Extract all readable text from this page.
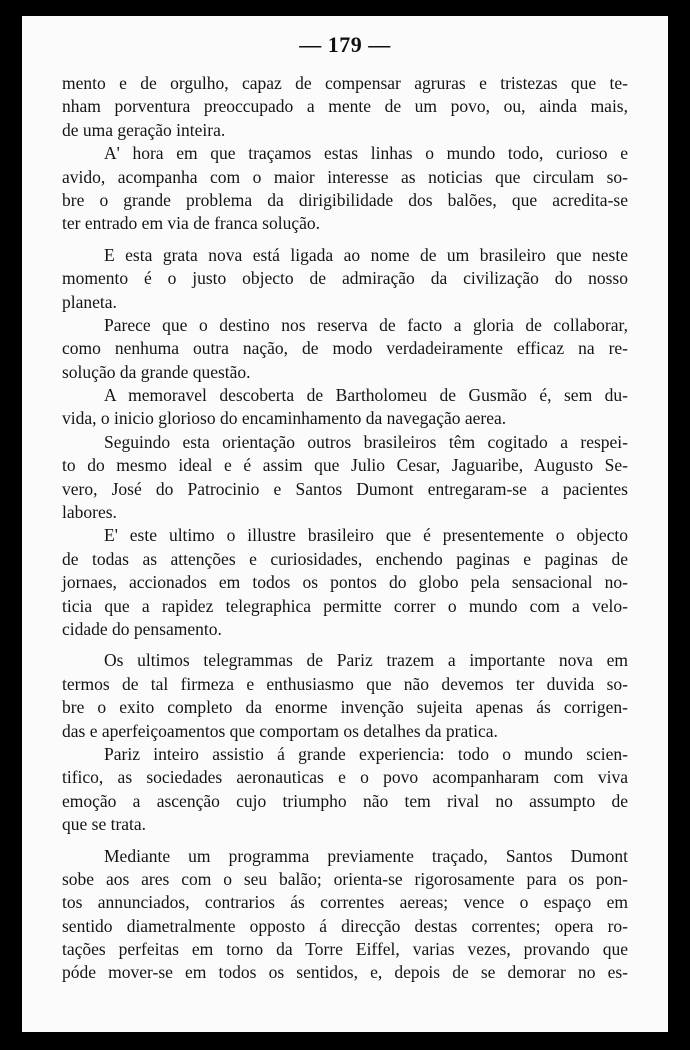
— 179 —
mento e de orgulho, capaz de compensar agruras e tristezas que te-
nham porventura preoccupado a mente de um povo, ou, ainda mais,
de uma geração inteira.
A' hora em que traçamos estas linhas o mundo todo, curioso e
avido, acompanha com o maior interesse as noticias que circulam so-
bre o grande problema da dirigibilidade dos balões, que acredita-se
ter entrado em via de franca solução.
E esta grata nova está ligada ao nome de um brasileiro que neste
momento é o justo objecto de admiração da civilização do nosso
planeta.
Parece que o destino nos reserva de facto a gloria de collaborar,
como nenhuma outra nação, de modo verdadeiramente efficaz na re-
solução da grande questão.
A memoravel descoberta de Bartholomeu de Gusmão é, sem du-
vida, o inicio glorioso do encaminhamento da navegação aerea.
Seguindo esta orientação outros brasileiros têm cogitado a respei-
to do mesmo ideal e é assim que Julio Cesar, Jaguaribe, Augusto Se-
vero, José do Patrocinio e Santos Dumont entregaram-se a pacientes
labores.
E' este ultimo o illustre brasileiro que é presentemente o objecto
de todas as attenções e curiosidades, enchendo paginas e paginas de
jornaes, accionados em todos os pontos do globo pela sensacional no-
ticia que a rapidez telegraphica permitte correr o mundo com a velo-
cidade do pensamento.
Os ultimos telegrammas de Pariz trazem a importante nova em
termos de tal firmeza e enthusiasmo que não devemos ter duvida so-
bre o exito completo da enorme invenção sujeita apenas ás corrigen-
das e aperfeiçoamentos que comportam os detalhes da pratica.
Pariz inteiro assistio á grande experiencia: todo o mundo scien-
tifico, as sociedades aeronauticas e o povo acompanharam com viva
emoção a ascenção cujo triumpho não tem rival no assumpto de
que se trata.
Mediante um programma previamente traçado, Santos Dumont
sobe aos ares com o seu balão; orienta-se rigorosamente para os pon-
tos annunciados, contrarios ás correntes aereas; vence o espaço em
sentido diametralmente opposto á direcção destas correntes; opera ro-
tações perfeitas em torno da Torre Eiffel, varias vezes, provando que
póde mover-se em todos os sentidos, e, depois de se demorar no es-
